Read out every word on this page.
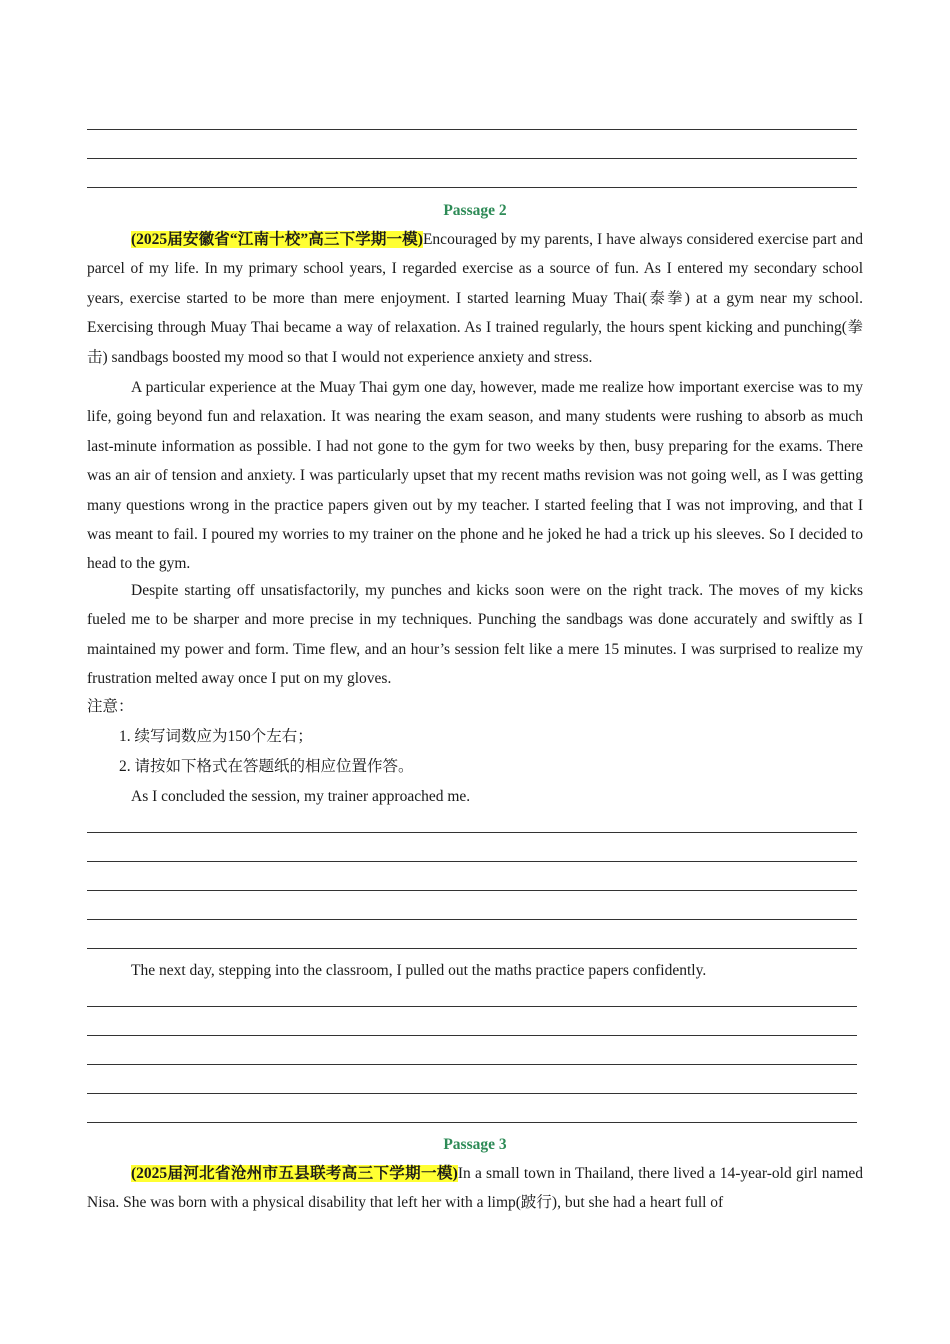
Passage 2

(2025届安徽省“江南十校”高三下学期一模)Encouraged by my parents, I have always considered exercise part and parcel of my life. In my primary school years, I regarded exercise as a source of fun. As I entered my secondary school years, exercise started to be more than mere enjoyment. I started learning Muay Thai(泰拳) at a gym near my school. Exercising through Muay Thai became a way of relaxation. As I trained regularly, the hours spent kicking and punching(拳击) sandbags boosted my mood so that I would not experience anxiety and stress.

A particular experience at the Muay Thai gym one day, however, made me realize how important exercise was to my life, going beyond fun and relaxation. It was nearing the exam season, and many students were rushing to absorb as much last-minute information as possible. I had not gone to the gym for two weeks by then, busy preparing for the exams. There was an air of tension and anxiety. I was particularly upset that my recent maths revision was not going well, as I was getting many questions wrong in the practice papers given out by my teacher. I started feeling that I was not improving, and that I was meant to fail. I poured my worries to my trainer on the phone and he joked he had a trick up his sleeves. So I decided to head to the gym.

Despite starting off unsatisfactorily, my punches and kicks soon were on the right track. The moves of my kicks fueled me to be sharper and more precise in my techniques. Punching the sandbags was done accurately and swiftly as I maintained my power and form. Time flew, and an hour’s session felt like a mere 15 minutes. I was surprised to realize my frustration melted away once I put on my gloves.

注意：
1. 续写词数应为150个左右；
2. 请按如下格式在答题纸的相应位置作答。
As I concluded the session, my trainer approached me.
The next day, stepping into the classroom, I pulled out the maths practice papers confidently.
Passage 3

(2025届河北省沧州市五县联考高三下学期一模)In a small town in Thailand, there lived a 14-year-old girl named Nisa. She was born with a physical disability that left her with a limp(跛行), but she had a heart full of
